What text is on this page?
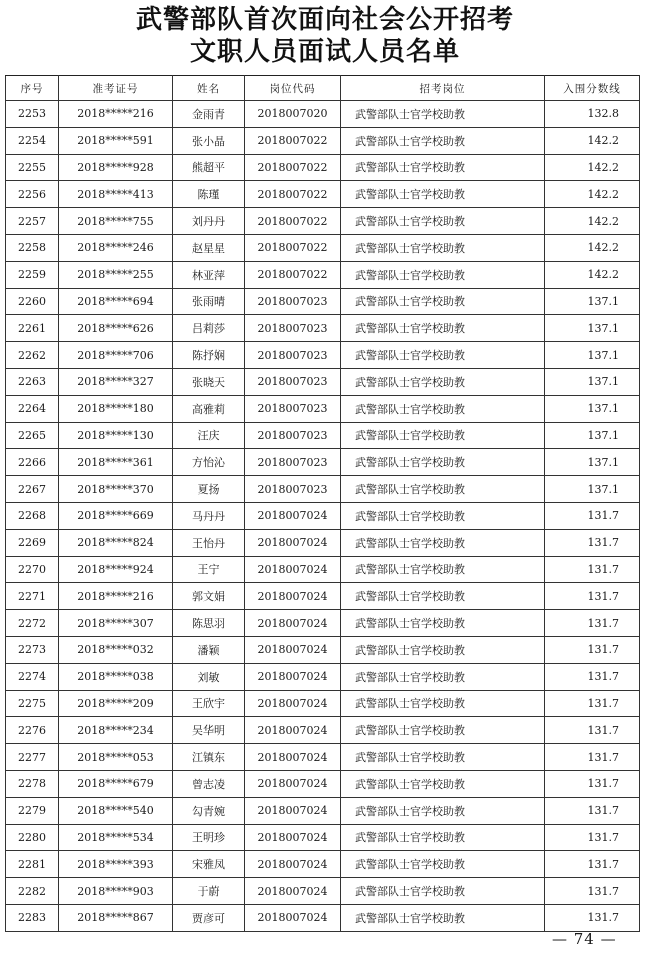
武警部队首次面向社会公开招考
文职人员面试人员名单
序号	准考证号	姓名	岗位代码	招考岗位	入围分数线
2253	2018*****216	金雨青	2018007020	武警部队士官学校助教	132.8
2254	2018*****591	张小晶	2018007022	武警部队士官学校助教	142.2
2255	2018*****928	熊超平	2018007022	武警部队士官学校助教	142.2
2256	2018*****413	陈瑾	2018007022	武警部队士官学校助教	142.2
2257	2018*****755	刘丹丹	2018007022	武警部队士官学校助教	142.2
2258	2018*****246	赵星星	2018007022	武警部队士官学校助教	142.2
2259	2018*****255	林亚萍	2018007022	武警部队士官学校助教	142.2
2260	2018*****694	张雨晴	2018007023	武警部队士官学校助教	137.1
2261	2018*****626	吕莉莎	2018007023	武警部队士官学校助教	137.1
2262	2018*****706	陈抒娴	2018007023	武警部队士官学校助教	137.1
2263	2018*****327	张晓天	2018007023	武警部队士官学校助教	137.1
2264	2018*****180	高雅莉	2018007023	武警部队士官学校助教	137.1
2265	2018*****130	汪庆	2018007023	武警部队士官学校助教	137.1
2266	2018*****361	方怡沁	2018007023	武警部队士官学校助教	137.1
2267	2018*****370	夏扬	2018007023	武警部队士官学校助教	137.1
2268	2018*****669	马丹丹	2018007024	武警部队士官学校助教	131.7
2269	2018*****824	王怡丹	2018007024	武警部队士官学校助教	131.7
2270	2018*****924	王宁	2018007024	武警部队士官学校助教	131.7
2271	2018*****216	郭文娟	2018007024	武警部队士官学校助教	131.7
2272	2018*****307	陈思羽	2018007024	武警部队士官学校助教	131.7
2273	2018*****032	潘颖	2018007024	武警部队士官学校助教	131.7
2274	2018*****038	刘敏	2018007024	武警部队士官学校助教	131.7
2275	2018*****209	王欣宇	2018007024	武警部队士官学校助教	131.7
2276	2018*****234	吴华明	2018007024	武警部队士官学校助教	131.7
2277	2018*****053	江镇东	2018007024	武警部队士官学校助教	131.7
2278	2018*****679	曾志凌	2018007024	武警部队士官学校助教	131.7
2279	2018*****540	勾青婉	2018007024	武警部队士官学校助教	131.7
2280	2018*****534	王明珍	2018007024	武警部队士官学校助教	131.7
2281	2018*****393	宋雅凤	2018007024	武警部队士官学校助教	131.7
2282	2018*****903	于蔚	2018007024	武警部队士官学校助教	131.7
2283	2018*****867	贾彦可	2018007024	武警部队士官学校助教	131.7
— 74 —
